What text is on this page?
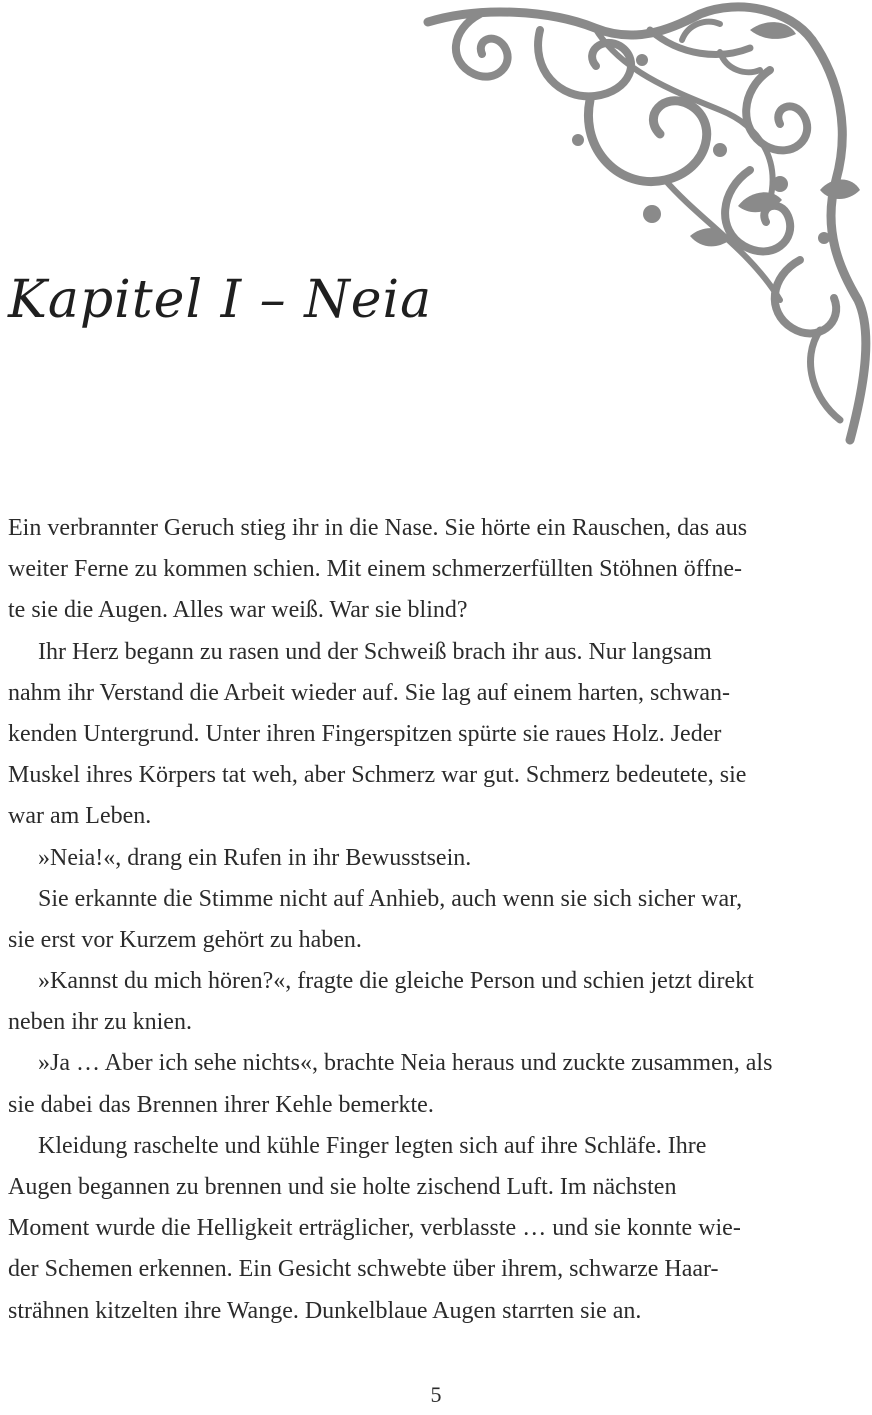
Kapitel I – Neia
Ein verbrannter Geruch stieg ihr in die Nase. Sie hörte ein Rauschen, das aus
weiter Ferne zu kommen schien. Mit einem schmerzerfüllten Stöhnen öffne-
te sie die Augen. Alles war weiß. War sie blind?
Ihr Herz begann zu rasen und der Schweiß brach ihr aus. Nur langsam
nahm ihr Verstand die Arbeit wieder auf. Sie lag auf einem harten, schwan-
kenden Untergrund. Unter ihren Fingerspitzen spürte sie raues Holz. Jeder
Muskel ihres Körpers tat weh, aber Schmerz war gut. Schmerz bedeutete, sie
war am Leben.
»Neia!«, drang ein Rufen in ihr Bewusstsein.
Sie erkannte die Stimme nicht auf Anhieb, auch wenn sie sich sicher war,
sie erst vor Kurzem gehört zu haben.
»Kannst du mich hören?«, fragte die gleiche Person und schien jetzt direkt
neben ihr zu knien.
»Ja … Aber ich sehe nichts«, brachte Neia heraus und zuckte zusammen, als
sie dabei das Brennen ihrer Kehle bemerkte.
Kleidung raschelte und kühle Finger legten sich auf ihre Schläfe. Ihre
Augen begannen zu brennen und sie holte zischend Luft. Im nächsten
Moment wurde die Helligkeit erträglicher, verblasste … und sie konnte wie-
der Schemen erkennen. Ein Gesicht schwebte über ihrem, schwarze Haar-
strähnen kitzelten ihre Wange. Dunkelblaue Augen starrten sie an.
5
